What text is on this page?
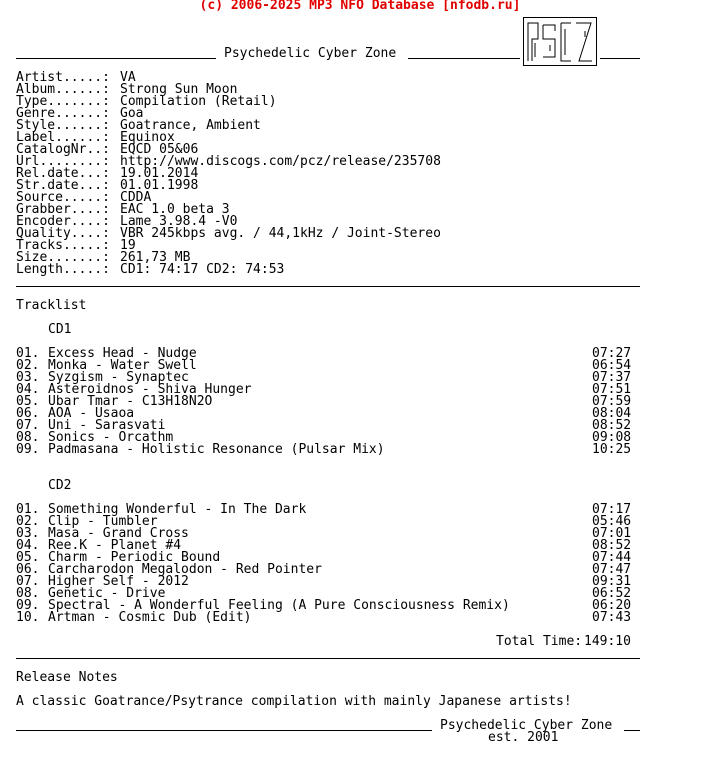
(c) 2006-2025 MP3 NFO Database [nfodb.ru]
Psychedelic Cyber Zone
Artist.....: VA
Album......: Strong Sun Moon
Type.......: Compilation (Retail)
Genre......: Goa
Style......: Goatrance, Ambient
Label......: Equinox
CatalogNr..: EQCD 05&06
Url........: http://www.discogs.com/pcz/release/235708
Rel.date...: 19.01.2014
Str.date...: 01.01.1998
Source.....: CDDA
Grabber....: EAC 1.0 beta 3
Encoder....: Lame 3.98.4 -V0
Quality....: VBR 245kbps avg. / 44,1kHz / Joint-Stereo
Tracks.....: 19
Size.......: 261,73 MB
Length.....: CD1: 74:17 CD2: 74:53
Tracklist
CD1
01. Excess Head - Nudge	07:27
02. Monka - Water Swell	06:54
03. Syzgism - Synaptec	07:37
04. Asteroidnos - Shiva Hunger	07:51
05. Ubar Tmar - C13H18N2O	07:59
06. AOA - Usaoa	08:04
07. Uni - Sarasvati	08:52
08. Sonics - Orcathm	09:08
09. Padmasana - Holistic Resonance (Pulsar Mix)	10:25
CD2
01. Something Wonderful - In The Dark	07:17
02. Clip - Tumbler	05:46
03. Masa - Grand Cross	07:01
04. Ree.K - Planet #4	08:52
05. Charm - Periodic Bound	07:44
06. Carcharodon Megalodon - Red Pointer	07:47
07. Higher Self - 2012	09:31
08. Genetic - Drive	06:52
09. Spectral - A Wonderful Feeling (A Pure Consciousness Remix)	06:20
10. Artman - Cosmic Dub (Edit)	07:43
Total Time: 149:10
Release Notes
A classic Goatrance/Psytrance compilation with mainly Japanese artists!
Psychedelic Cyber Zone
est. 2001
